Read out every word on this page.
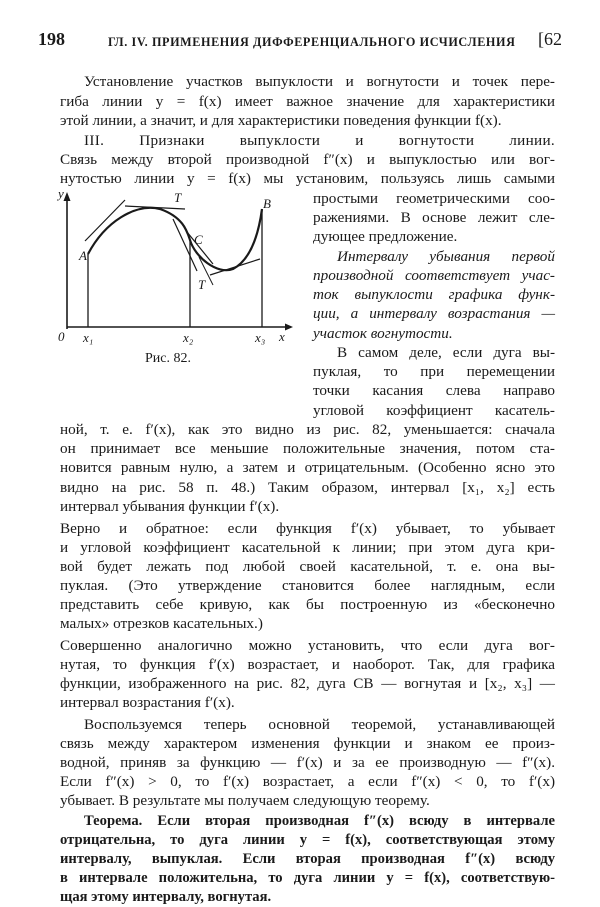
198	ГЛ. IV. ПРИМЕНЕНИЯ ДИФФЕРЕНЦИАЛЬНОГО ИСЧИСЛЕНИЯ [62
Установление участков выпуклости и вогнутости и точек пере-
гиба линии y = f(x) имеет важное значение для характеристики
этой линии, а значит, и для характеристики поведения функции f(x).
III. Признаки выпуклости и вогнутости линии.
Связь между второй производной f″(x) и выпуклостью или вог-
нутостью линии y = f(x) мы установим, пользуясь лишь самыми
простыми геометрическими соо-
ражениями. В основе лежит сле-
дующее предложение.
Интервалу убывания первой
производной соответствует учас-
ток выпуклости графика функ-
ции, а интервалу возрастания —
участок вогнутости.
В самом деле, если дуга вы-
пуклая, то при перемещении
точки касания слева направо
угловой коэффициент касатель-
ной, т. е. f′(x), как это видно из рис. 82, уменьшается: сначала
он принимает все меньшие положительные значения, потом ста-
новится равным нулю, а затем и отрицательным. (Особенно ясно это
видно на рис. 58 п. 48.) Таким образом, интервал [x₁, x₂] есть
интервал убывания функции f′(x).
Верно и обратное: если функция f′(x) убывает, то убывает
и угловой коэффициент касательной к линии; при этом дуга кри-
вой будет лежать под любой своей касательной, т. е. она вы-
пуклая. (Это утверждение становится более наглядным, если
представить себе кривую, как бы построенную из «бесконечно
малых» отрезков касательных.)
Совершенно аналогично можно установить, что если дуга вог-
нутая, то функция f′(x) возрастает, и наоборот. Так, для графика
функции, изображенного на рис. 82, дуга CB — вогнутая и [x₂, x₃] —
интервал возрастания f′(x).
Воспользуемся теперь основной теоремой, устанавливающей
связь между характером изменения функции и знаком ее произ-
водной, приняв за функцию — f′(x) и за ее производную — f″(x).
Если f″(x) > 0, то f′(x) возрастает, а если f″(x) < 0, то f′(x)
убывает. В результате мы получаем следующую теорему.
Теорема. Если вторая производная f″(x) всюду в интервале
отрицательна, то дуга линии y = f(x), соответствующая этому
интервалу, выпуклая. Если вторая производная f″(x) всюду
в интервале положительна, то дуга линии y = f(x), соответствую-
щая этому интервалу, вогнутая.
y
x
0 x₁	x₂	x₃
A
B
C
T
T
Рис. 82.
